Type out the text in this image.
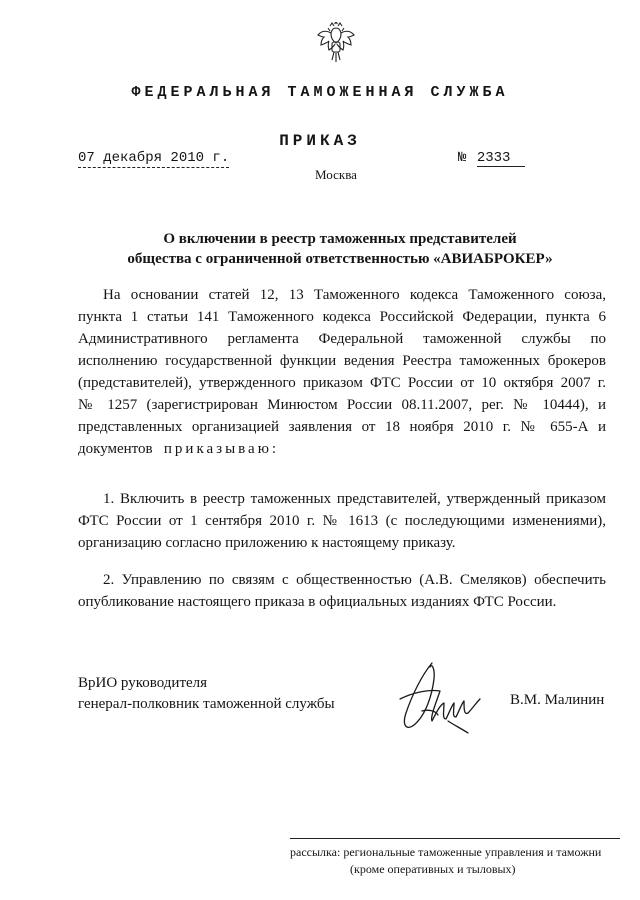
ФЕДЕРАЛЬНАЯ ТАМОЖЕННАЯ СЛУЖБА
ПРИКАЗ
07 декабря 2010 г.	№ 2333
Москва
О включении в реестр таможенных представителей
общества с ограниченной ответственностью «АВИАБРОКЕР»
На основании статей 12, 13 Таможенного кодекса Таможенного союза,
пункта 1 статьи 141 Таможенного кодекса Российской Федерации, пункта 6
Административного регламента Федеральной таможенной службы по
исполнению государственной функции ведения Реестра таможенных брокеров
(представителей), утвержденного приказом ФТС России от 10 октября 2007 г.
№ 1257 (зарегистрирован Минюстом России 08.11.2007, рег. № 10444), и
представленных организацией заявления от 18 ноября 2010 г. № 655-А и
документов приказываю:
1. Включить в реестр таможенных представителей, утвержденный приказом
ФТС России от 1 сентября 2010 г. № 1613 (с последующими изменениями),
организацию согласно приложению к настоящему приказу.
2. Управлению по связям с общественностью (А.В. Смеляков) обеспечить
опубликование настоящего приказа в официальных изданиях ФТС России.
ВрИО руководителя
генерал-полковник таможенной службы	В.М. Малинин
рассылка: региональные таможенные управления и таможни
(кроме оперативных и тыловых)
